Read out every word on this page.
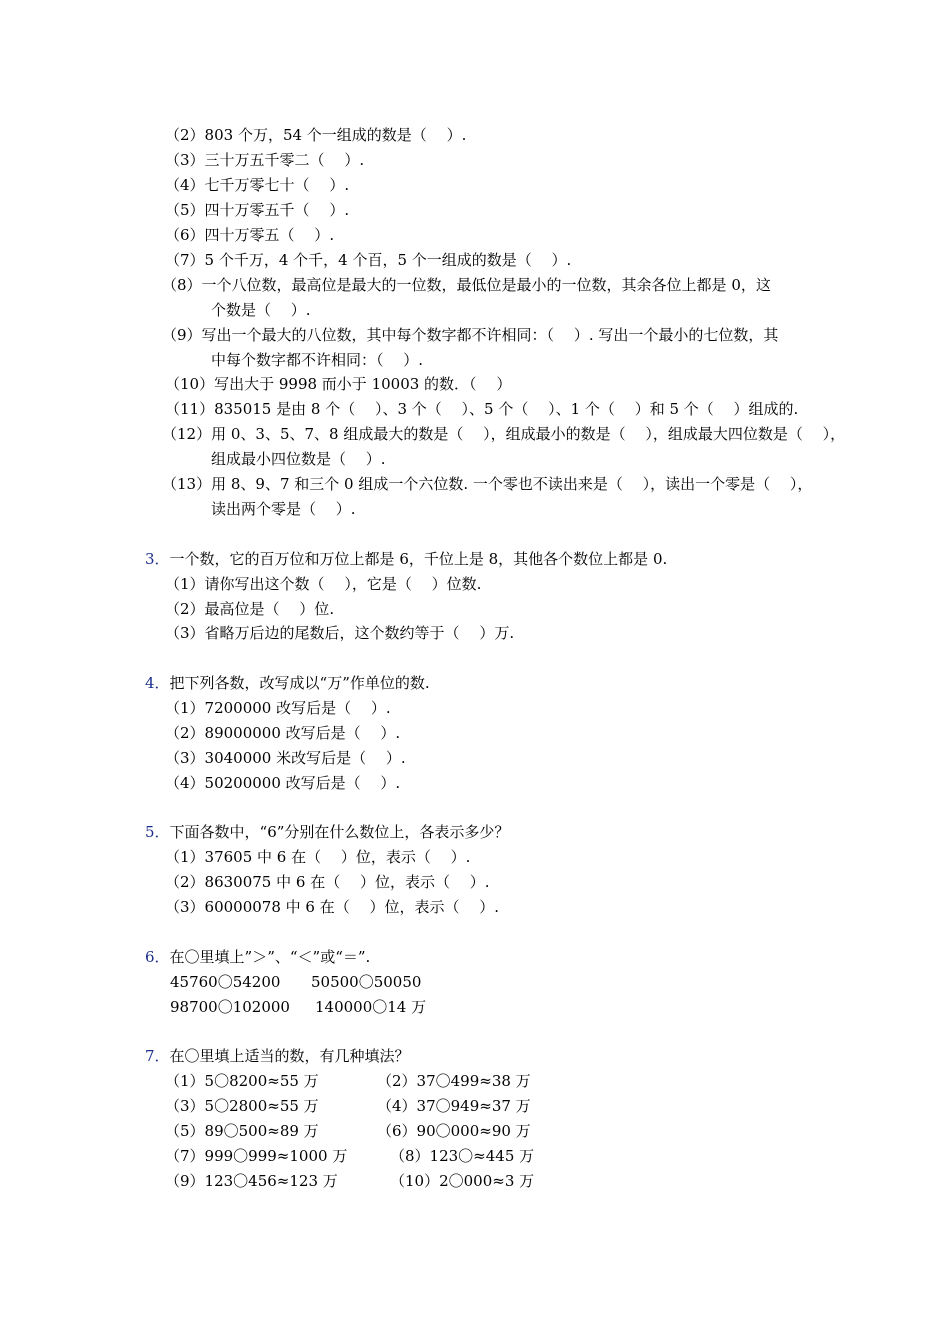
（2）803 个万，54 个一组成的数是（　 ）.
（3）三十万五千零二（　 ）.
（4）七千万零七十（　 ）.
（5）四十万零五千（　 ）.
（6）四十万零五（　 ）.
（7）5 个千万，4 个千，4 个百，5 个一组成的数是（　 ）.
（8）一个八位数，最高位是最大的一位数，最低位是最小的一位数，其余各位上都是 0，这
个数是（　 ）.
（9）写出一个最大的八位数，其中每个数字都不许相同：（　 ）. 写出一个最小的七位数，其
中每个数字都不许相同：（　 ）.
（10）写出大于 9998 而小于 10003 的数．（　 ）
（11）835015 是由 8 个（　 ）、3 个（　 ）、5 个（　 ）、1 个（　 ）和 5 个（　 ）组成的.
（12）用 0、3、5、7、8 组成最大的数是（　 ），组成最小的数是（　 ），组成最大四位数是（　 ），
组成最小四位数是（　 ）.
（13）用 8、9、7 和三个 0 组成一个六位数. 一个零也不读出来是（　 ），读出一个零是（　 ），
读出两个零是（　 ）.
3．一个数，它的百万位和万位上都是 6，千位上是 8，其他各个数位上都是 0.
（1）请你写出这个数（　 ），它是（　 ）位数.
（2）最高位是（　 ）位.
（3）省略万后边的尾数后，这个数约等于（　 ）万.
4．把下列各数，改写成以“万”作单位的数.
（1）7200000 改写后是（　 ）.
（2）89000000 改写后是（　 ）.
（3）3040000 米改写后是（　 ）.
（4）50200000 改写后是（　 ）.
5．下面各数中，“6”分别在什么数位上，各表示多少？
（1）37605 中 6 在（　 ）位，表示（　 ）.
（2）8630075 中 6 在（　 ）位，表示（　 ）.
（3）60000078 中 6 在（　 ）位，表示（　 ）.
6．在〇里填上”＞”、“＜”或“＝”.
45760〇54200 50500〇50050
98700〇102000 140000〇14 万
7．在〇里填上适当的数，有几种填法？
（1）5〇8200≈55 万	（2）37〇499≈38 万
（3）5〇2800≈55 万	（4）37〇949≈37 万
（5）89〇500≈89 万	（6）90〇000≈90 万
（7）999〇999≈1000 万	（8）123〇≈445 万
（9）123〇456≈123 万	（10）2〇000≈3 万
